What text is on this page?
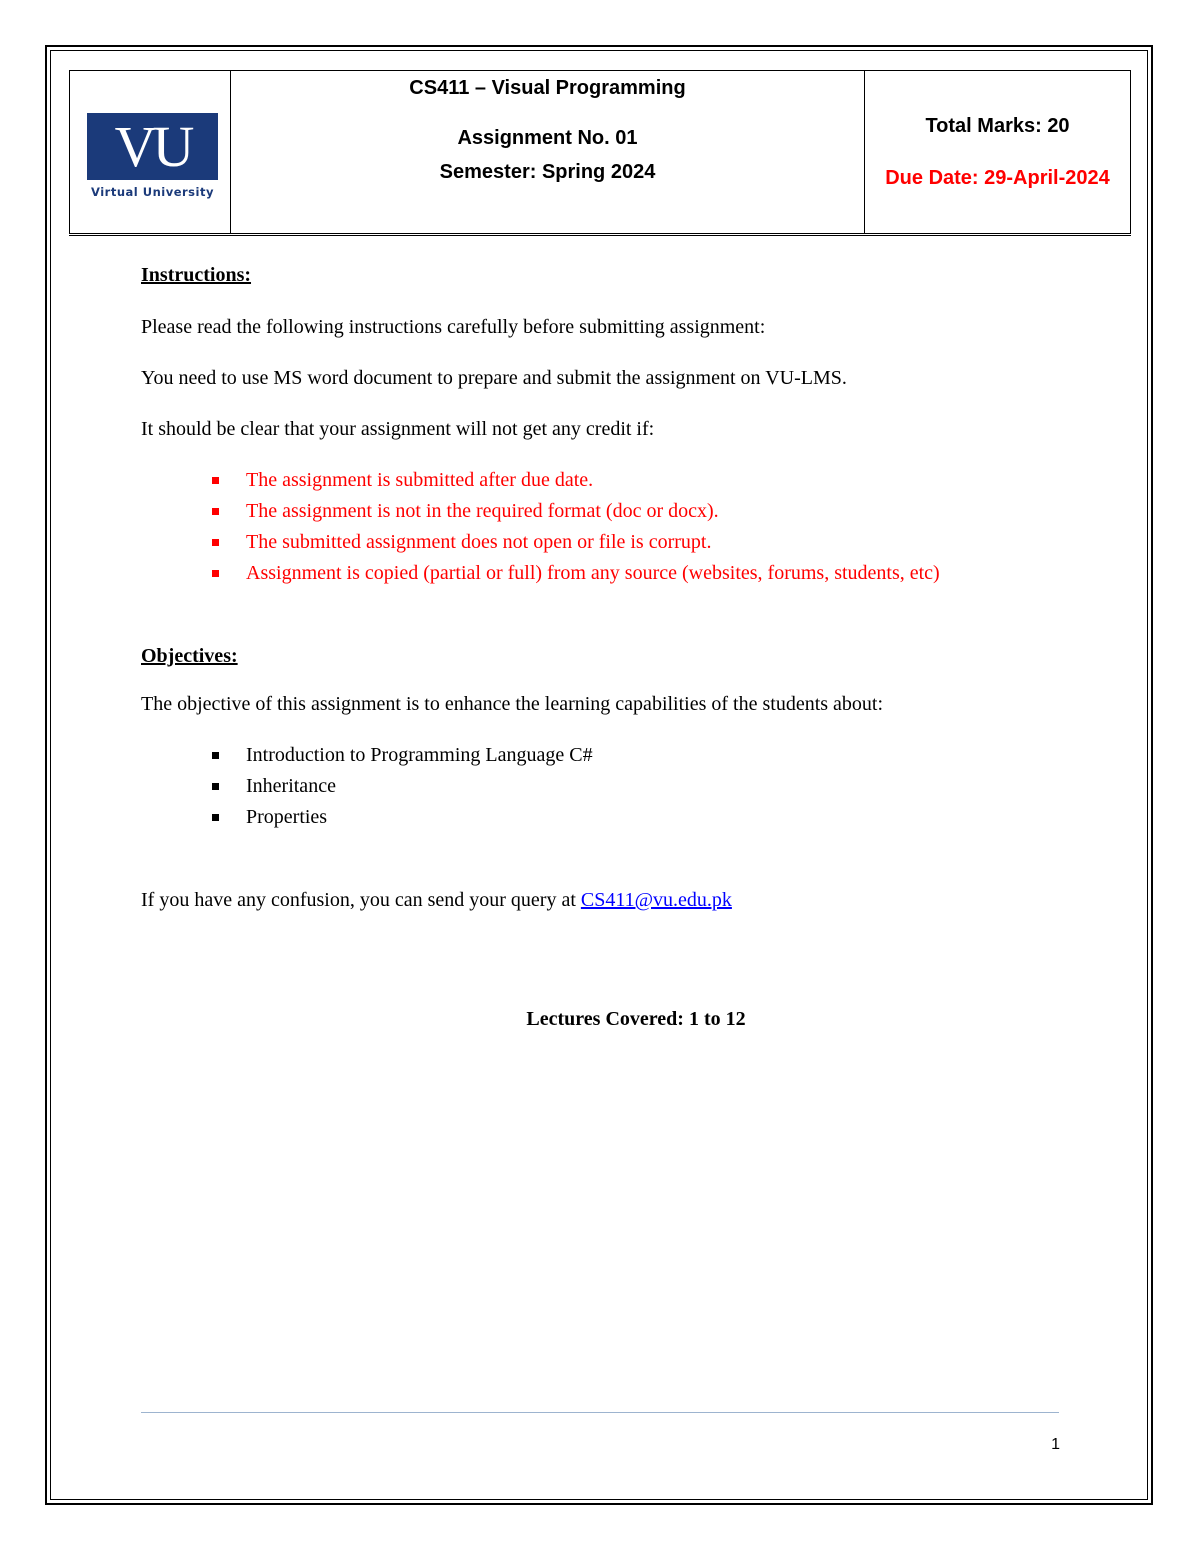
VU
Virtual University
CS411 – Visual Programming
Assignment No. 01
Semester: Spring 2024
Total Marks: 20
Due Date: 29-April-2024

Instructions:

Please read the following instructions carefully before submitting assignment:

You need to use MS word document to prepare and submit the assignment on VU-LMS.

It should be clear that your assignment will not get any credit if:

The assignment is submitted after due date.
The assignment is not in the required format (doc or docx).
The submitted assignment does not open or file is corrupt.
Assignment is copied (partial or full) from any source (websites, forums, students, etc)

Objectives:

The objective of this assignment is to enhance the learning capabilities of the students about:

Introduction to Programming Language C#
Inheritance
Properties

If you have any confusion, you can send your query at CS411@vu.edu.pk

Lectures Covered: 1 to 12
1
